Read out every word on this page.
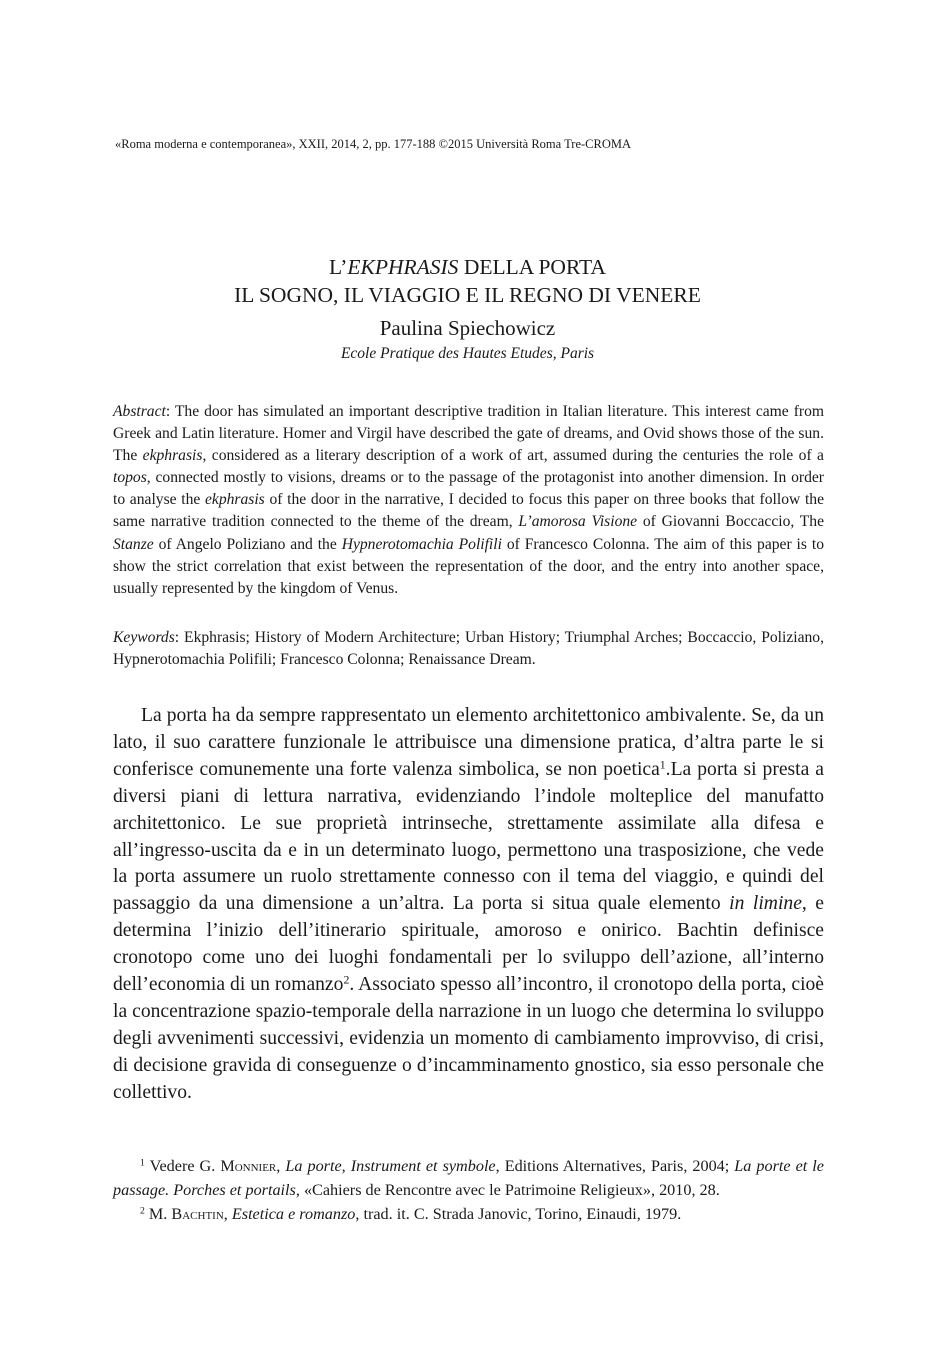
«Roma moderna e contemporanea», XXII, 2014, 2, pp. 177-188 ©2015 Università Roma Tre-CROMA
L’EKPHRASIS DELLA PORTA
IL SOGNO, IL VIAGGIO E IL REGNO DI VENERE
Paulina Spiechowicz
Ecole Pratique des Hautes Etudes, Paris
Abstract: The door has simulated an important descriptive tradition in Italian literature. This interest came from Greek and Latin literature. Homer and Virgil have described the gate of dreams, and Ovid shows those of the sun. The ekphrasis, considered as a literary description of a work of art, assumed during the centuries the role of a topos, connected mostly to visions, dreams or to the passage of the protagonist into another dimension. In order to analyse the ekphrasis of the door in the narrative, I decided to focus this paper on three books that follow the same narrative tradition connected to the theme of the dream, L’amorosa Visione of Giovanni Boccaccio, The Stanze of Angelo Poliziano and the Hypnerotomachia Polifili of Francesco Colonna. The aim of this paper is to show the strict correlation that exist between the representation of the door, and the entry into another space, usually represented by the kingdom of Venus.
Keywords: Ekphrasis; History of Modern Architecture; Urban History; Triumphal Arches; Boccaccio, Poliziano, Hypnerotomachia Polifili; Francesco Colonna; Renaissance Dream.
La porta ha da sempre rappresentato un elemento architettonico ambivalente. Se, da un lato, il suo carattere funzionale le attribuisce una dimensione pratica, d’altra parte le si conferisce comunemente una forte valenza simbolica, se non poetica$^1$.La porta si presta a diversi piani di lettura narrativa, evidenziando l’indole molteplice del manufatto architettonico. Le sue proprietà intrinseche, strettamente assimilate alla difesa e all’ingresso-uscita da e in un determinato luogo, permettono una trasposizione, che vede la porta assumere un ruolo strettamente connesso con il tema del viaggio, e quindi del passaggio da una dimensione a un’altra. La porta si situa quale elemento in limine, e determina l’inizio dell’itinerario spirituale, amoroso e onirico. Bachtin definisce cronotopo come uno dei luoghi fondamentali per lo sviluppo dell’azione, all’interno dell’economia di un romanzo$^2$. Associato spesso all’incontro, il cronotopo della porta, cioè la concentrazione spazio-temporale della narrazione in un luogo che determina lo sviluppo degli avvenimenti successivi, evidenzia un momento di cambiamento improvviso, di crisi, di decisione gravida di conseguenze o d’incamminamento gnostico, sia esso personale che collettivo.
$^1$ Vedere G. Monnier, La porte, Instrument et symbole, Editions Alternatives, Paris, 2004; La porte et le passage. Porches et portails, «Cahiers de Rencontre avec le Patrimoine Religieux», 2010, 28.
$^2$ M. Bachtin, Estetica e romanzo, trad. it. C. Strada Janovic, Torino, Einaudi, 1979.
